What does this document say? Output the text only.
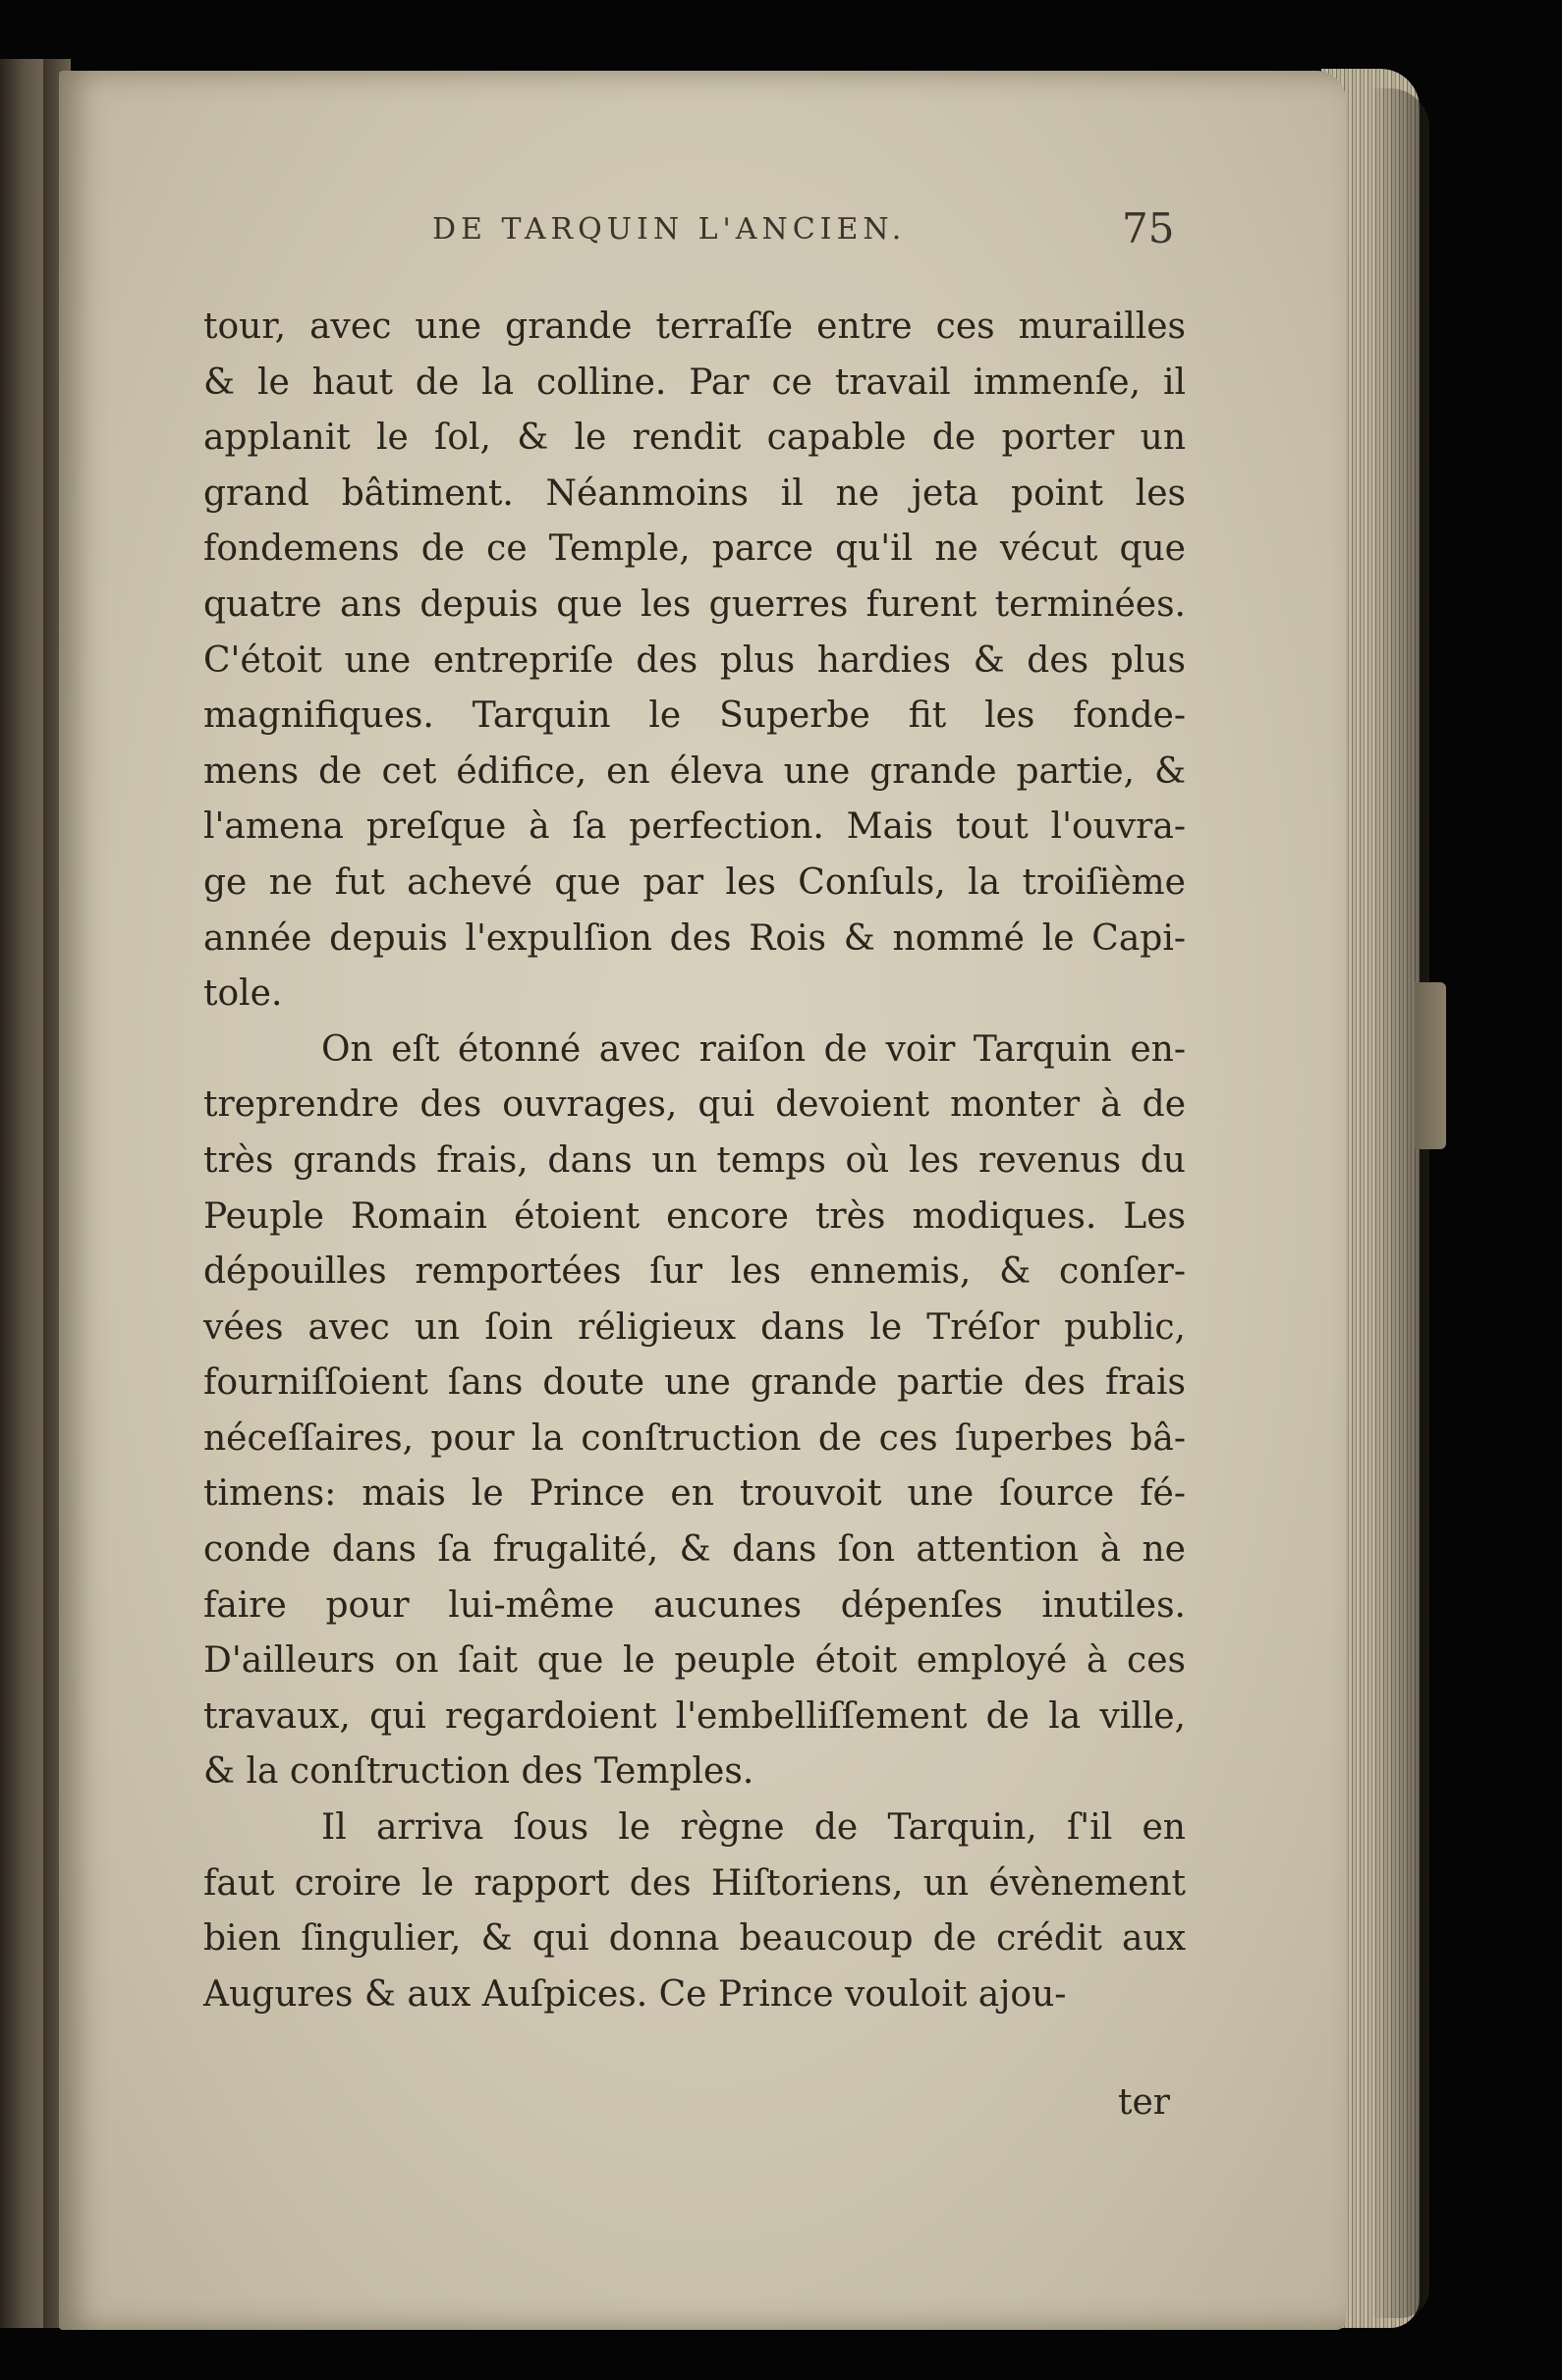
DE TARQUIN L'ANCIEN.	75
tour, avec une grande terraſſe entre ces murailles
& le haut de la colline. Par ce travail immenſe, il
applanit le ſol, & le rendit capable de porter un
grand bâtiment. Néanmoins il ne jeta point les
fondemens de ce Temple, parce qu'il ne vécut que
quatre ans depuis que les guerres furent terminées.
C'étoit une entrepriſe des plus hardies & des plus
magnifiques. Tarquin le Superbe fit les fonde-
mens de cet édifice, en éleva une grande partie, &
l'amena preſque à ſa perfection. Mais tout l'ouvra-
ge ne fut achevé que par les Conſuls, la troiſième
année depuis l'expulſion des Rois & nommé le Capi-
tole.
On eſt étonné avec raiſon de voir Tarquin en-
treprendre des ouvrages, qui devoient monter à de
très grands frais, dans un temps où les revenus du
Peuple Romain étoient encore très modiques. Les
dépouilles remportées ſur les ennemis, & conſer-
vées avec un ſoin réligieux dans le Tréſor public,
fourniſſoient ſans doute une grande partie des frais
néceſſaires, pour la conſtruction de ces ſuperbes bâ-
timens: mais le Prince en trouvoit une ſource fé-
conde dans ſa frugalité, & dans ſon attention à ne
faire pour lui-même aucunes dépenſes inutiles.
D'ailleurs on ſait que le peuple étoit employé à ces
travaux, qui regardoient l'embelliſſement de la ville,
& la conſtruction des Temples.
Il arriva ſous le règne de Tarquin, ſ'il en
faut croire le rapport des Hiſtoriens, un évènement
bien ſingulier, & qui donna beaucoup de crédit aux
Augures & aux Auſpices. Ce Prince vouloit ajou-
ter
